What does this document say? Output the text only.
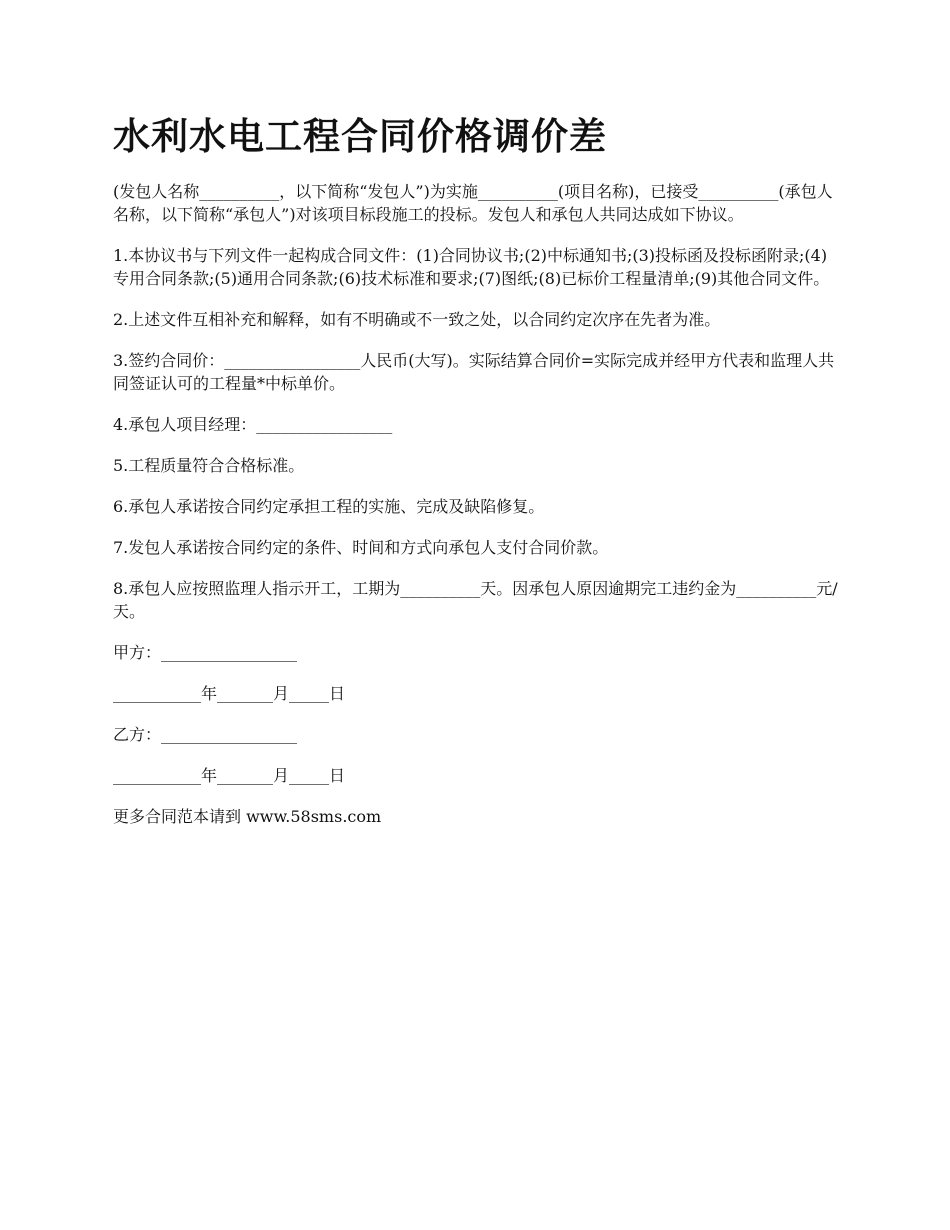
水利水电工程合同价格调价差

(发包人名称__________，以下简称“发包人”)为实施__________(项目名称)，已接受__________(承包人名称，以下简称“承包人”)对该项目标段施工的投标。发包人和承包人共同达成如下协议。

1.本协议书与下列文件一起构成合同文件：(1)合同协议书;(2)中标通知书;(3)投标函及投标函附录;(4)专用合同条款;(5)通用合同条款;(6)技术标准和要求;(7)图纸;(8)已标价工程量清单;(9)其他合同文件。

2.上述文件互相补充和解释，如有不明确或不一致之处，以合同约定次序在先者为准。

3.签约合同价：_________________人民币(大写)。实际结算合同价=实际完成并经甲方代表和监理人共同签证认可的工程量*中标单价。

4.承包人项目经理：_________________

5.工程质量符合合格标准。

6.承包人承诺按合同约定承担工程的实施、完成及缺陷修复。

7.发包人承诺按合同约定的条件、时间和方式向承包人支付合同价款。

8.承包人应按照监理人指示开工，工期为__________天。因承包人原因逾期完工违约金为__________元/天。

甲方：_________________

___________年_______月_____日

乙方：_________________

___________年_______月_____日

更多合同范本请到 www.58sms.com
